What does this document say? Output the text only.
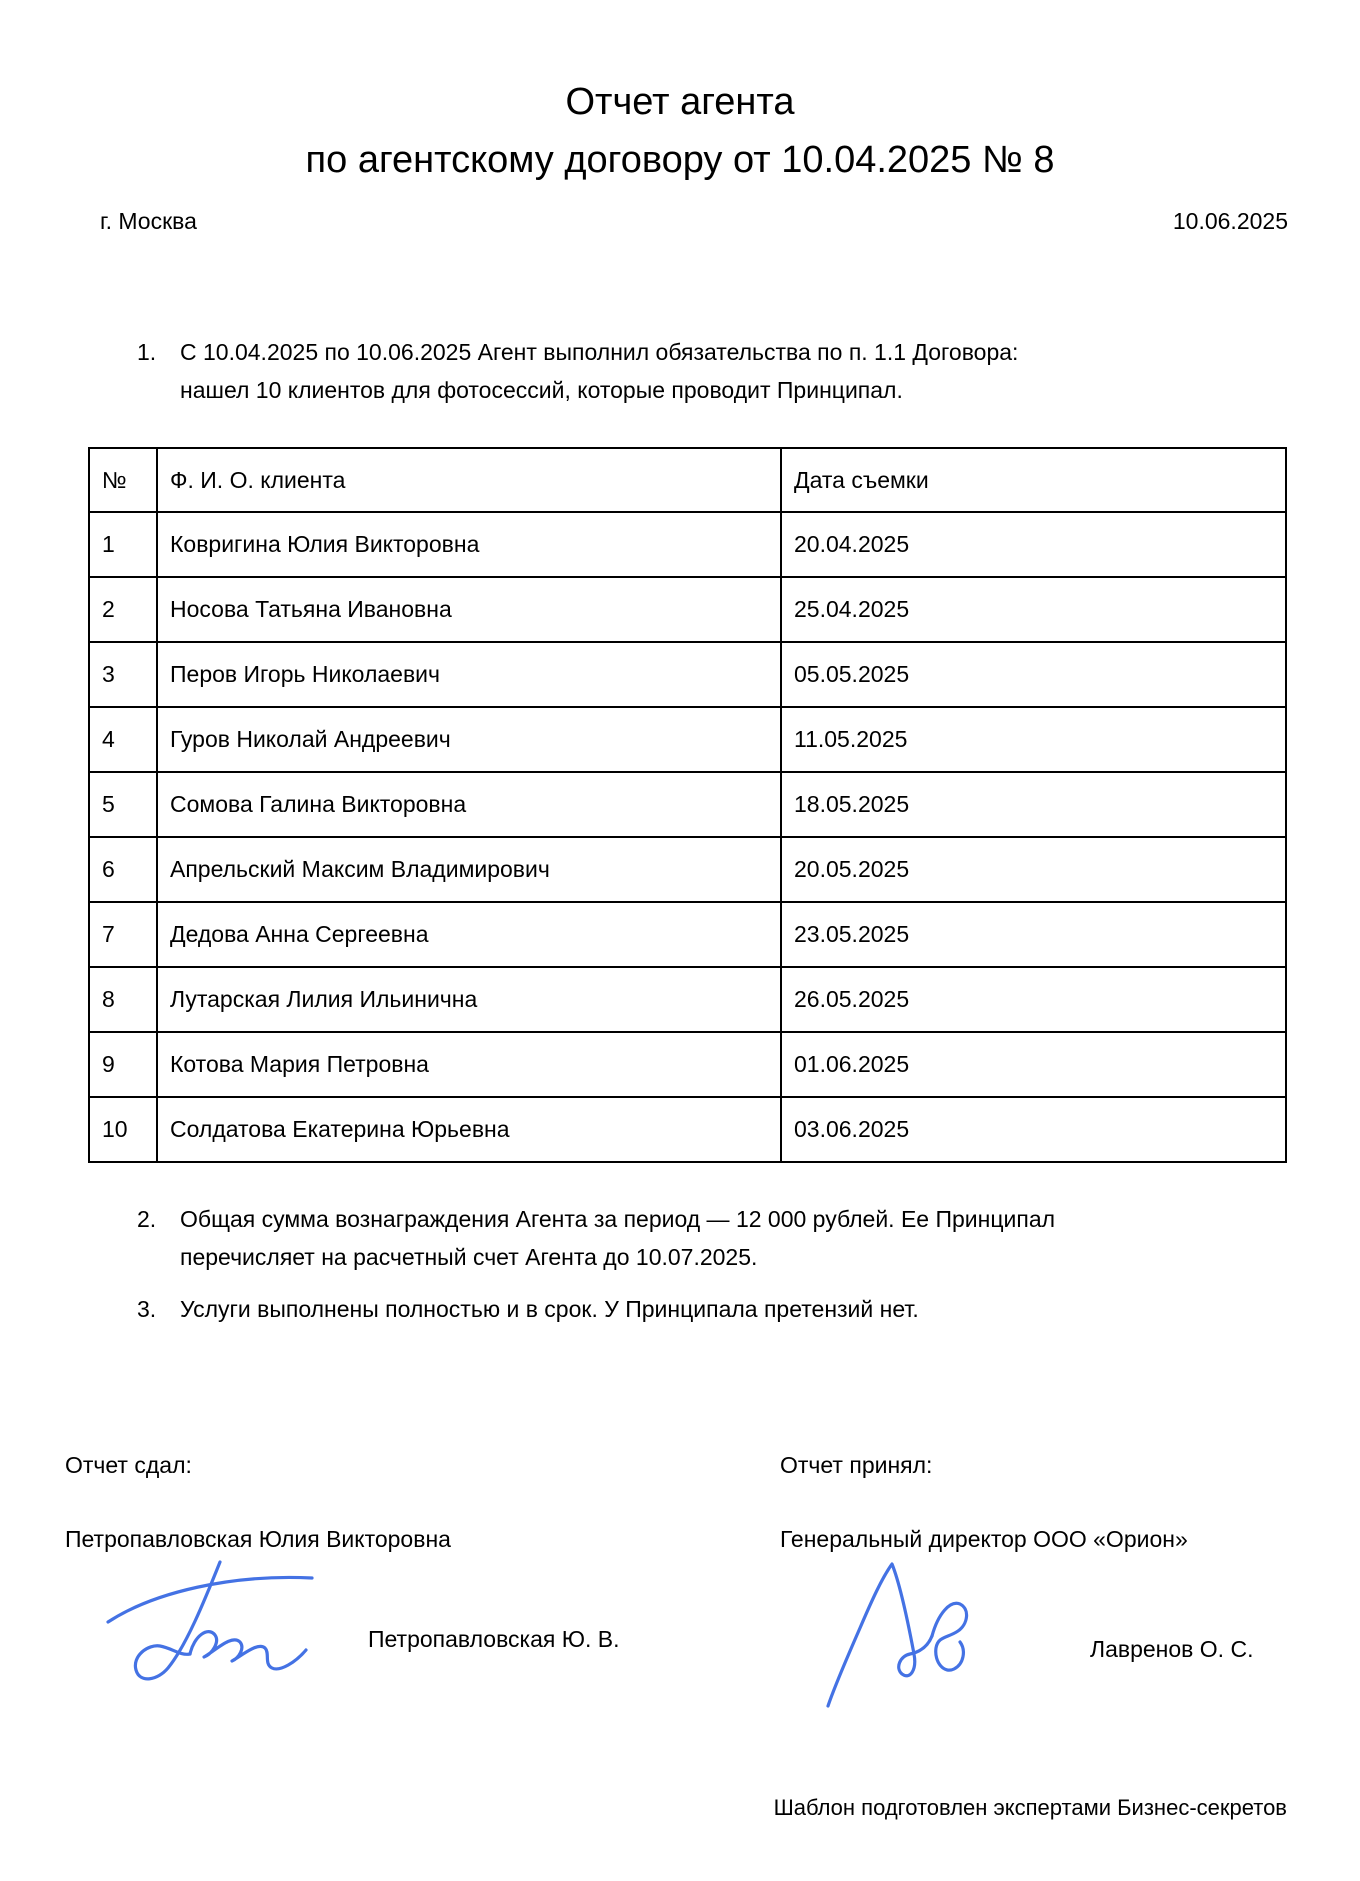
Отчет агента
по агентскому договору от 10.04.2025 № 8
г. Москва	10.06.2025
1.	С 10.04.2025 по 10.06.2025 Агент выполнил обязательства по п. 1.1 Договора:
нашел 10 клиентов для фотосессий, которые проводит Принципал.
№	Ф. И. О. клиента	Дата съемки
1	Ковригина Юлия Викторовна	20.04.2025
2	Носова Татьяна Ивановна	25.04.2025
3	Перов Игорь Николаевич	05.05.2025
4	Гуров Николай Андреевич	11.05.2025
5	Сомова Галина Викторовна	18.05.2025
6	Апрельский Максим Владимирович	20.05.2025
7	Дедова Анна Сергеевна	23.05.2025
8	Лутарская Лилия Ильинична	26.05.2025
9	Котова Мария Петровна	01.06.2025
10	Солдатова Екатерина Юрьевна	03.06.2025
2.	Общая сумма вознаграждения Агента за период — 12 000 рублей. Ее Принципал
перечисляет на расчетный счет Агента до 10.07.2025.
3.	Услуги выполнены полностью и в срок. У Принципала претензий нет.
Отчет сдал:	Отчет принял:
Петропавловская Юлия Викторовна	Генеральный директор ООО «Орион»
Петропавловская Ю. В.	Лавренов О. С.
Шаблон подготовлен экспертами Бизнес-секретов
